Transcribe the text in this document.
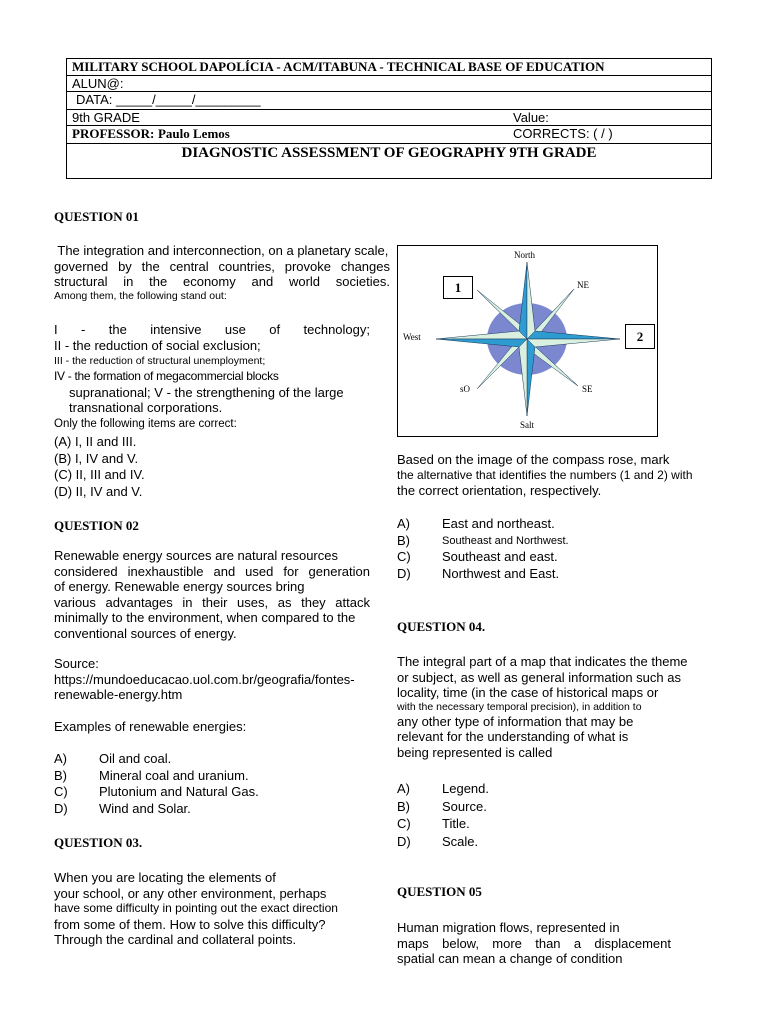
MILITARY SCHOOL DAPOLÍCIA - ACM/ITABUNA - TECHNICAL BASE OF EDUCATION
ALUN@:
DATA: _____/_____/_________
9th GRADE	Value:
PROFESSOR: Paulo Lemos	CORRECTS: ( / )
DIAGNOSTIC ASSESSMENT OF GEOGRAPHY 9TH GRADE
QUESTION 01

The integration and interconnection, on a planetary scale,

governed by the central countries, provoke changes

structural in the economy and world societies.

Among them, the following stand out:

I - the intensive use of technology;

II - the reduction of social exclusion;

III - the reduction of structural unemployment;

IV - the formation of megacommercial blocks

supranational; V - the strengthening of the large

transnational corporations.

Only the following items are correct:
(A) I, II and III.
(B) I, IV and V.
(C) II, III and IV.
(D) II, IV and V.
North
NE
West
sO	SE
Salt
1
2

Based on the image of the compass rose, mark

the alternative that identifies the numbers (1 and 2) with

the correct orientation, respectively.

A)	East and northeast.
B)	Southeast and Northwest.
C)	Southeast and east.
D)	Northwest and East.
QUESTION 02

Renewable energy sources are natural resources

considered inexhaustible and used for generation

of energy. Renewable energy sources bring

various advantages in their uses, as they attack

minimally to the environment, when compared to the

conventional sources of energy.

Source:

https://mundoeducacao.uol.com.br/geografia/fontes-

renewable-energy.htm

Examples of renewable energies:
A)	Oil and coal.
B)	Mineral coal and uranium.
C)	Plutonium and Natural Gas.
D)	Wind and Solar.
QUESTION 04.

The integral part of a map that indicates the theme

or subject, as well as general information such as

locality, time (in the case of historical maps or

with the necessary temporal precision), in addition to

any other type of information that may be

relevant for the understanding of what is

being represented is called

A)	Legend.
B)	Source.
C)	Title.
D)	Scale.
QUESTION 03.

When you are locating the elements of

your school, or any other environment, perhaps

have some difficulty in pointing out the exact direction

from some of them. How to solve this difficulty?

Through the cardinal and collateral points.

QUESTION 05

Human migration flows, represented in

maps below, more than a displacement

spatial can mean a change of condition
